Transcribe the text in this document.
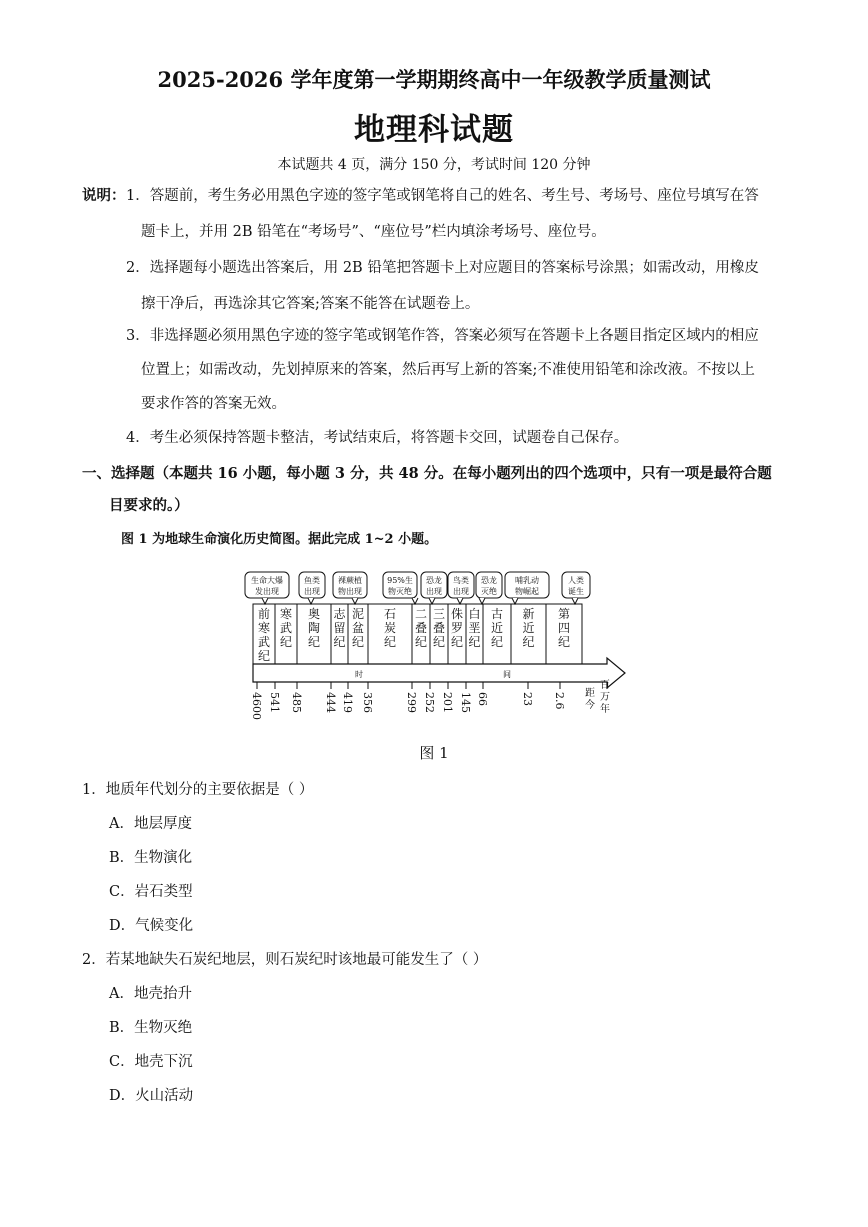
2025-2026 学年度第一学期期终高中一年级教学质量测试
地理科试题
本试题共 4 页，满分 150 分，考试时间 120 分钟
说明： 1．答题前，考生务必用黑色字迹的签字笔或钢笔将自己的姓名、考生号、考场号、座位号填写在答
题卡上，并用 2B 铅笔在“考场号”、“座位号”栏内填涂考场号、座位号。
2．选择题每小题选出答案后，用 2B 铅笔把答题卡上对应题目的答案标号涂黑；如需改动，用橡皮
擦干净后，再选涂其它答案;答案不能答在试题卷上。
3．非选择题必须用黑色字迹的签字笔或钢笔作答，答案必须写在答题卡上各题目指定区域内的相应
位置上；如需改动，先划掉原来的答案，然后再写上新的答案;不准使用铅笔和涂改液。不按以上
要求作答的答案无效。
4．考生必须保持答题卡整洁，考试结束后，将答题卡交回，试题卷自己保存。
一、选择题（本题共 16 小题，每小题 3 分，共 48 分。在每小题列出的四个选项中，只有一项是最符合题
目要求的。）
图 1 为地球生命演化历史简图。据此完成 1~2 小题。
前
寒
武
纪
寒
武
纪
奥
陶
纪
志
留
纪
泥
盆
纪
石
炭
纪
二
叠
纪
三
叠
纪
侏
罗
纪
白
垩
纪
古
近
纪
新
近
纪
第
四
纪
时	间
4600 541 485 444 419 356	299 252 201 145 66	23 2.6 距
今
百
万
年
生命大爆
发出现
鱼类
出现
裸蕨植
物出现
95%生
物灭绝
恐龙
出现
鸟类
出现
恐龙
灭绝
哺乳动
物崛起
人类
诞生
图 1
1．地质年代划分的主要依据是（ ）
A．地层厚度
B．生物演化
C．岩石类型
D．气候变化
2．若某地缺失石炭纪地层，则石炭纪时该地最可能发生了（ ）
A．地壳抬升
B．生物灭绝
C．地壳下沉
D．火山活动
